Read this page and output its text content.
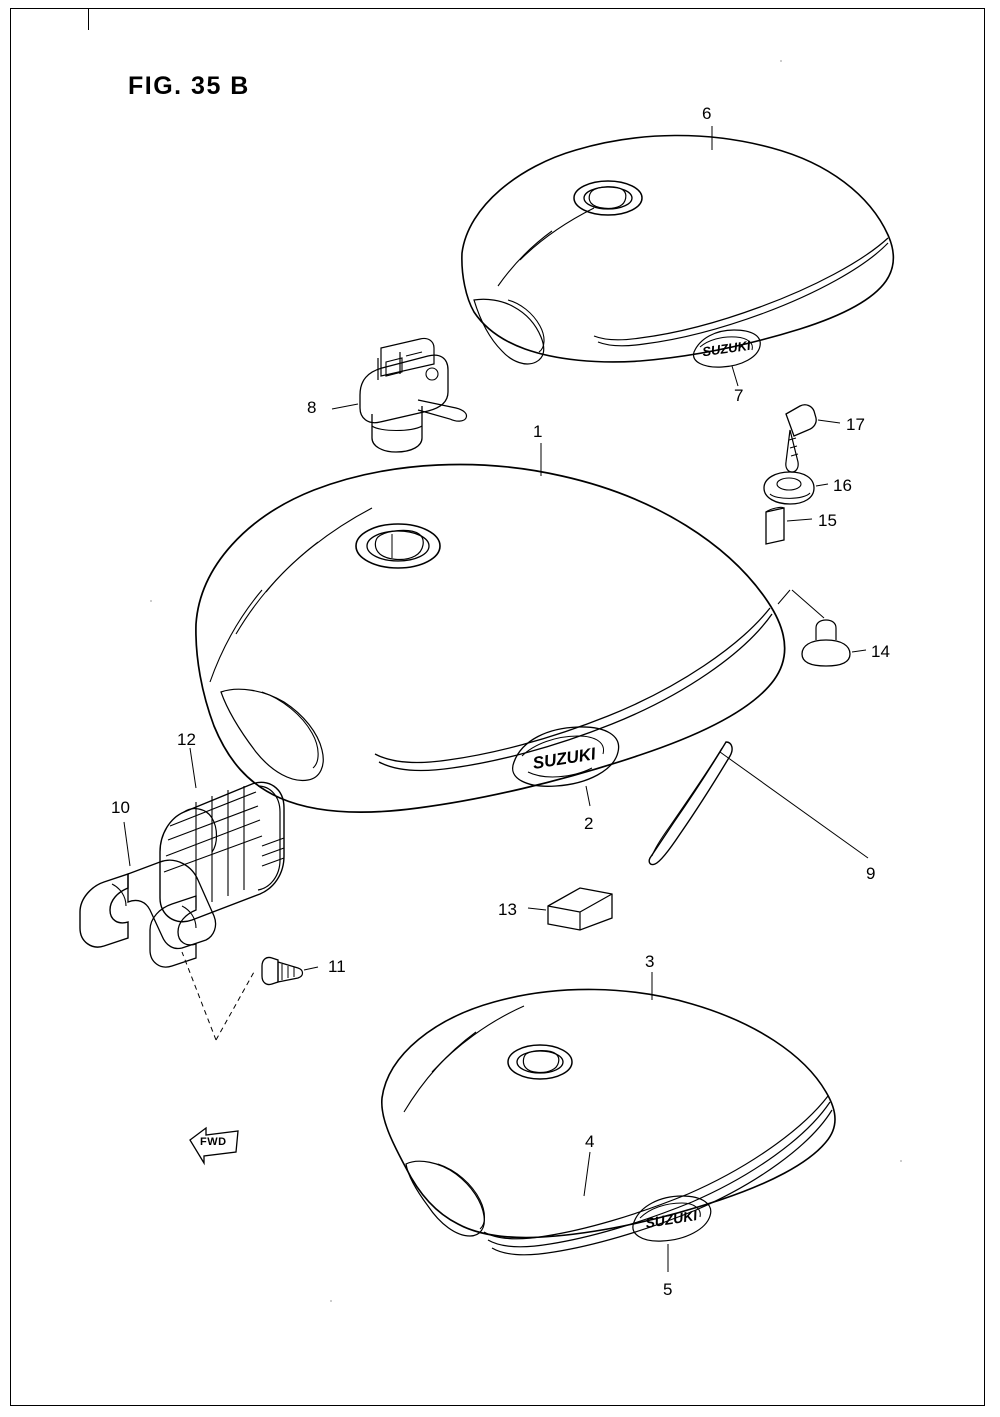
FIG. 35 B
SUZUKI
SUZUKI
SUZUKI
6
7
8
1	17
16
15
14
12
10
2
9
13
11	3
4
5
FWD
